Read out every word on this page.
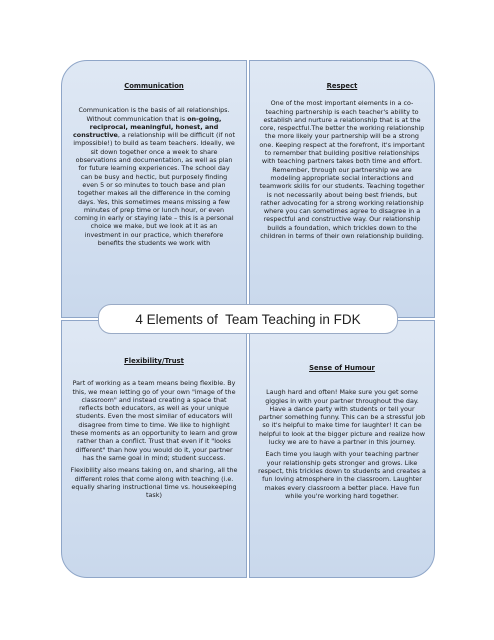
Communication

Communication is the basis of all relationships. Without communication that is on-going, reciprocal, meaningful, honest, and constructive, a relationship will be difficult (if not impossible!) to build as team teachers. Ideally, we sit down together once a week to share observations and documentation, as well as plan for future learning experiences. The school day can be busy and hectic, but purposely finding even 5 or so minutes to touch base and plan together makes all the difference in the coming days. Yes, this sometimes means missing a few minutes of prep time or lunch hour, or even coming in early or staying late – this is a personal choice we make, but we look at it as an investment in our practice, which therefore benefits the students we work with

Respect

One of the most important elements in a co-teaching partnership is each teacher's ability to establish and nurture a relationship that is at the core, respectful.The better the working relationship the more likely your partnership will be a strong one. Keeping respect at the forefront, it's important to remember that building positive relationships with teaching partners takes both time and effort. Remember, through our partnership we are modeling appropriate social interactions and teamwork skills for our students. Teaching together is not necessarily about being best friends, but rather advocating for a strong working relationship where you can sometimes agree to disagree in a respectful and constructive way. Our relationship builds a foundation, which trickles down to the children in terms of their own relationship building.

Flexibility/Trust

Part of working as a team means being flexible. By this, we mean letting go of your own "image of the classroom" and instead creating a space that reflects both educators, as well as your unique students. Even the most similar of educators will disagree from time to time. We like to highlight these moments as an opportunity to learn and grow rather than a conflict. Trust that even if it "looks different" than how you would do it, your partner has the same goal in mind; student success.

Flexibility also means taking on, and sharing, all the different roles that come along with teaching (i.e. equally sharing instructional time vs. housekeeping task)

Sense of Humour

Laugh hard and often! Make sure you get some giggles in with your partner throughout the day. Have a dance party with students or tell your partner something funny. This can be a stressful job so it's helpful to make time for laughter! It can be helpful to look at the bigger picture and realize how lucky we are to have a partner in this journey.

Each time you laugh with your teaching partner your relationship gets stronger and grows. Like respect, this trickles down to students and creates a fun loving atmosphere in the classroom. Laughter makes every classroom a better place. Have fun while you're working hard together.

4 Elements of  Team Teaching in FDK
